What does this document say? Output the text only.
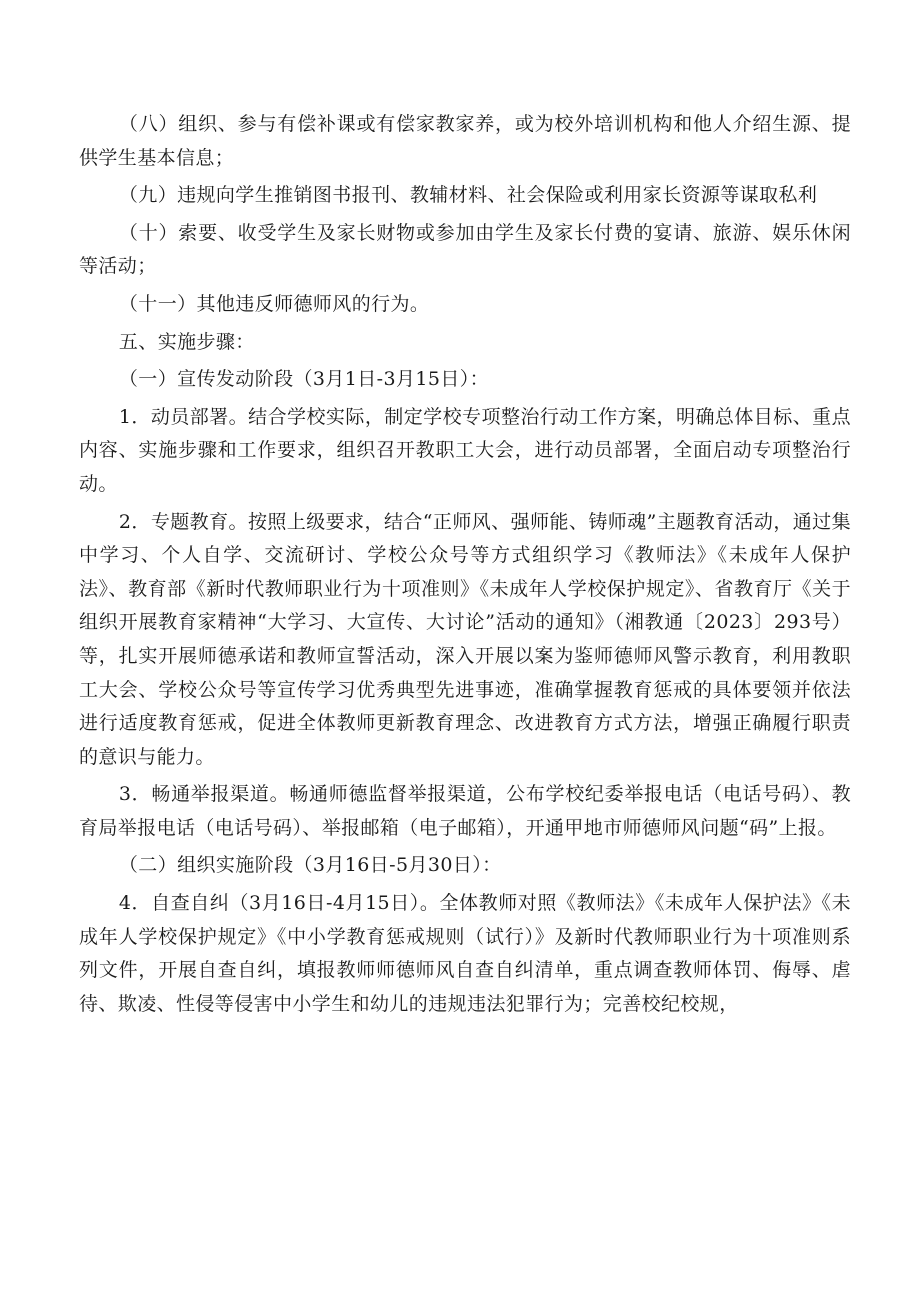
（八）组织、参与有偿补课或有偿家教家养，或为校外培训机构和他人介绍生源、提供学生基本信息；

（九）违规向学生推销图书报刊、教辅材料、社会保险或利用家长资源等谋取私利

（十）索要、收受学生及家长财物或参加由学生及家长付费的宴请、旅游、娱乐休闲等活动；

（十一）其他违反师德师风的行为。

五、实施步骤：

（一）宣传发动阶段（3月1日-3月15日）：

1．动员部署。结合学校实际，制定学校专项整治行动工作方案，明确总体目标、重点内容、实施步骤和工作要求，组织召开教职工大会，进行动员部署，全面启动专项整治行动。

2．专题教育。按照上级要求，结合“正师风、强师能、铸师魂”主题教育活动，通过集中学习、个人自学、交流研讨、学校公众号等方式组织学习《教师法》《未成年人保护法》、教育部《新时代教师职业行为十项准则》《未成年人学校保护规定》、省教育厅《关于组织开展教育家精神“大学习、大宣传、大讨论”活动的通知》（湘教通〔2023〕293号）等，扎实开展师德承诺和教师宣誓活动，深入开展以案为鉴师德师风警示教育，利用教职工大会、学校公众号等宣传学习优秀典型先进事迹，准确掌握教育惩戒的具体要领并依法进行适度教育惩戒，促进全体教师更新教育理念、改进教育方式方法，增强正确履行职责的意识与能力。

3．畅通举报渠道。畅通师德监督举报渠道，公布学校纪委举报电话（电话号码）、教育局举报电话（电话号码）、举报邮箱（电子邮箱），开通甲地市师德师风问题“码”上报。

（二）组织实施阶段（3月16日-5月30日）：

4．自查自纠（3月16日-4月15日）。全体教师对照《教师法》《未成年人保护法》《未成年人学校保护规定》《中小学教育惩戒规则（试行）》及新时代教师职业行为十项准则系列文件，开展自查自纠，填报教师师德师风自查自纠清单，重点调查教师体罚、侮辱、虐待、欺凌、性侵等侵害中小学生和幼儿的违规违法犯罪行为；完善校纪校规，
